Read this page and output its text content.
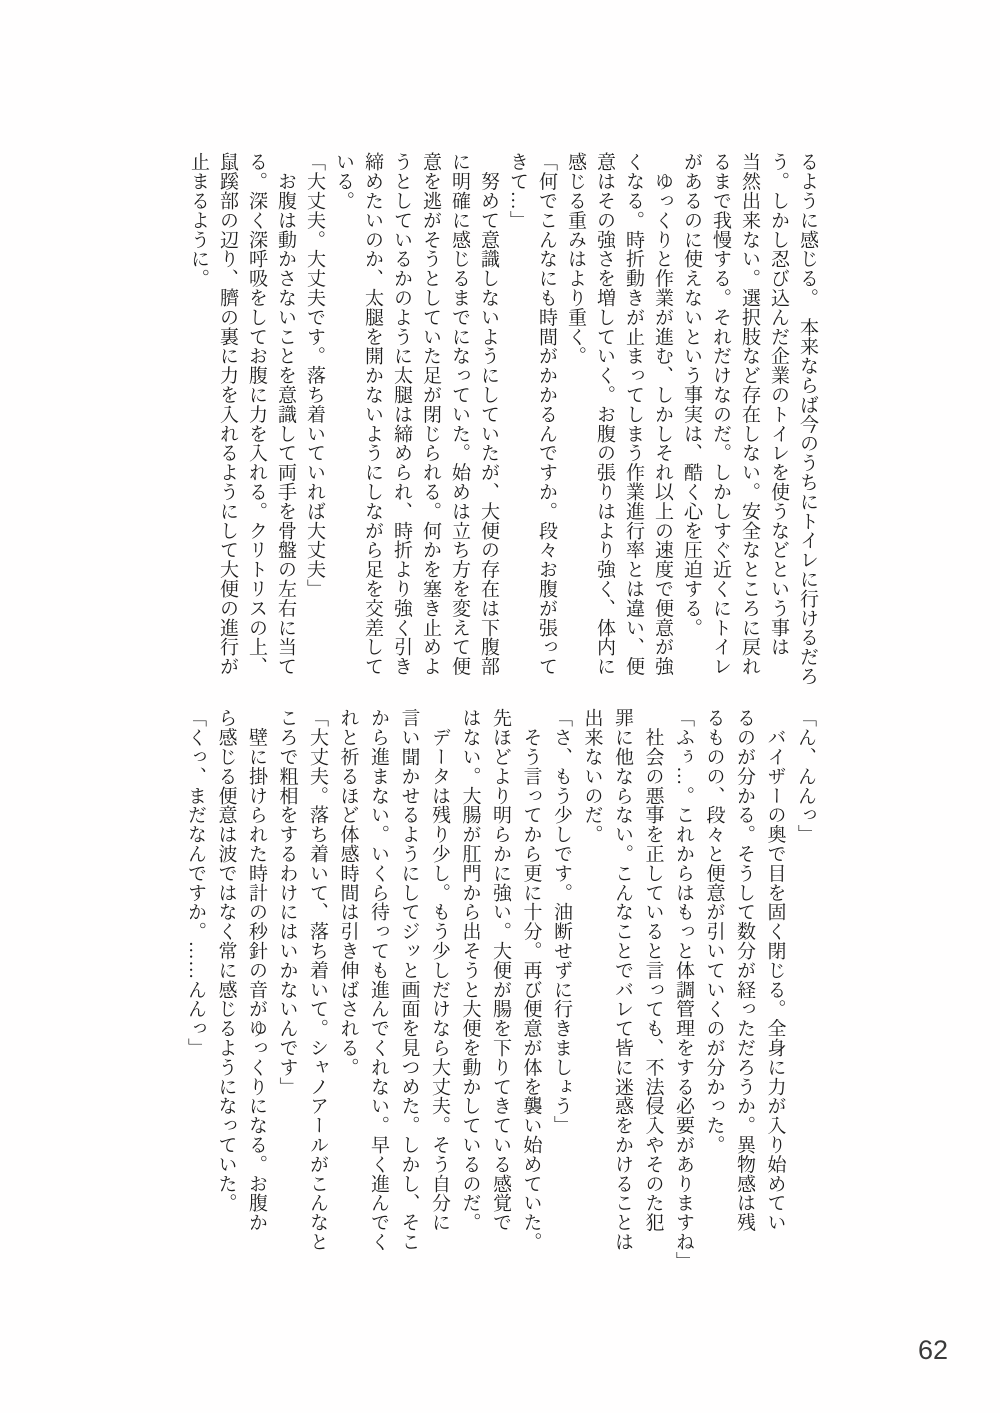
るように感じる。　本来ならば今のうちにトイレに行けるだろ
う。しかし忍び込んだ企業のトイレを使うなどという事は
当然出来ない。選択肢など存在しない。安全なところに戻れ
るまで我慢する。それだけなのだ。しかしすぐ近くにトイレ
があるのに使えないという事実は、酷く心を圧迫する。
　ゆっくりと作業が進む、しかしそれ以上の速度で便意が強
くなる。時折動きが止まってしまう作業進行率とは違い、便
意はその強さを増していく。お腹の張りはより強く、体内に
感じる重みはより重く。
「何でこんなにも時間がかかるんですか。段々お腹が張って
きて…」
　努めて意識しないようにしていたが、大便の存在は下腹部
に明確に感じるまでになっていた。始めは立ち方を変えて便
意を逃がそうとしていた足が閉じられる。何かを塞き止めよ
うとしているかのように太腿は締められ、時折より強く引き
締めたいのか、太腿を開かないようにしながら足を交差して
いる。
「大丈夫。大丈夫です。落ち着いていれば大丈夫」
　お腹は動かさないことを意識して両手を骨盤の左右に当て
る。深く深呼吸をしてお腹に力を入れる。クリトリスの上、
鼠蹊部の辺り、臍の裏に力を入れるようにして大便の進行が
止まるように。
「ん、んんっ」
　バイザーの奥で目を固く閉じる。全身に力が入り始めてい
るのが分かる。そうして数分が経っただろうか。異物感は残
るものの、段々と便意が引いていくのが分かった。
「ふぅ…。これからはもっと体調管理をする必要がありますね」
　社会の悪事を正していると言っても、不法侵入やそのた犯
罪に他ならない。こんなことでバレて皆に迷惑をかけることは
出来ないのだ。
「さ、もう少しです。油断せずに行きましょう」
　そう言ってから更に十分。再び便意が体を襲い始めていた。
先ほどより明らかに強い。大便が腸を下りてきている感覚で
はない。大腸が肛門から出そうと大便を動かしているのだ。
　データは残り少し。もう少しだけなら大丈夫。そう自分に
言い聞かせるようにしてジッと画面を見つめた。しかし、そこ
から進まない。いくら待っても進んでくれない。早く進んでく
れと祈るほど体感時間は引き伸ばされる。
「大丈夫。落ち着いて、落ち着いて。シャノアールがこんなと
ころで粗相をするわけにはいかないんです」
　壁に掛けられた時計の秒針の音がゆっくりになる。お腹か
ら感じる便意は波ではなく常に感じるようになっていた。
「くっ、まだなんですか。……んんっ」
62
